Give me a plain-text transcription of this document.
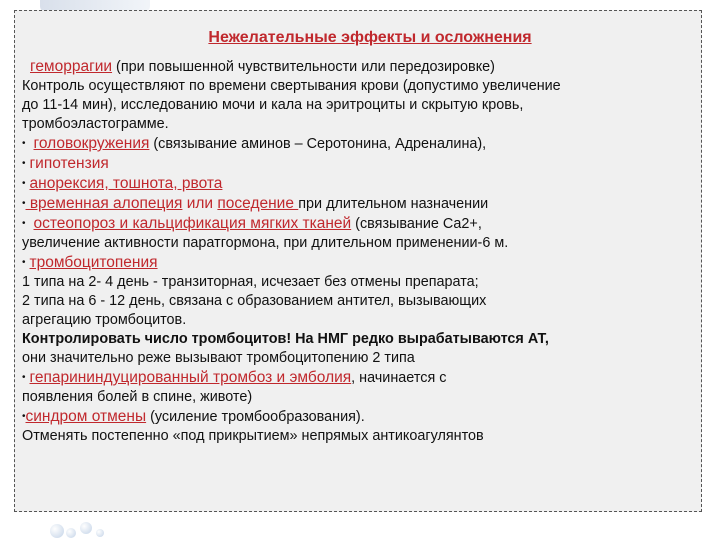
Нежелательные эффекты и осложнения
геморрагии (при повышенной чувствительности или передозировке)
Контроль осуществляют по времени свертывания крови (допустимо увеличение
до 11-14 мин), исследованию мочи и кала на эритроциты и скрытую кровь,
тромбоэластограмме.
• головокружения (связывание аминов – Серотонина, Адреналина),
• гипотензия
• анорексия, тошнота, рвота
• временная алопеция или поседение при длительном назначении
• остеопороз и кальцификация мягких тканей (связывание Са2+,
увеличение активности паратгормона, при длительном применении-6 м.
• тромбоцитопения
1 типа на 2- 4 день - транзиторная, исчезает без отмены препарата;
2 типа на 6 - 12 день, связана с образованием антител, вызывающих
агрегацию тромбоцитов.
Контролировать число тромбоцитов! На НМГ редко вырабатываются АТ,
они значительно реже вызывают тромбоцитопению 2 типа
• гепарининдуцированный тромбоз и эмболия, начинается с
появления болей в спине, животе)
•синдром отмены (усиление тромбообразования).
Отменять постепенно «под прикрытием» непрямых антикоагулянтов
